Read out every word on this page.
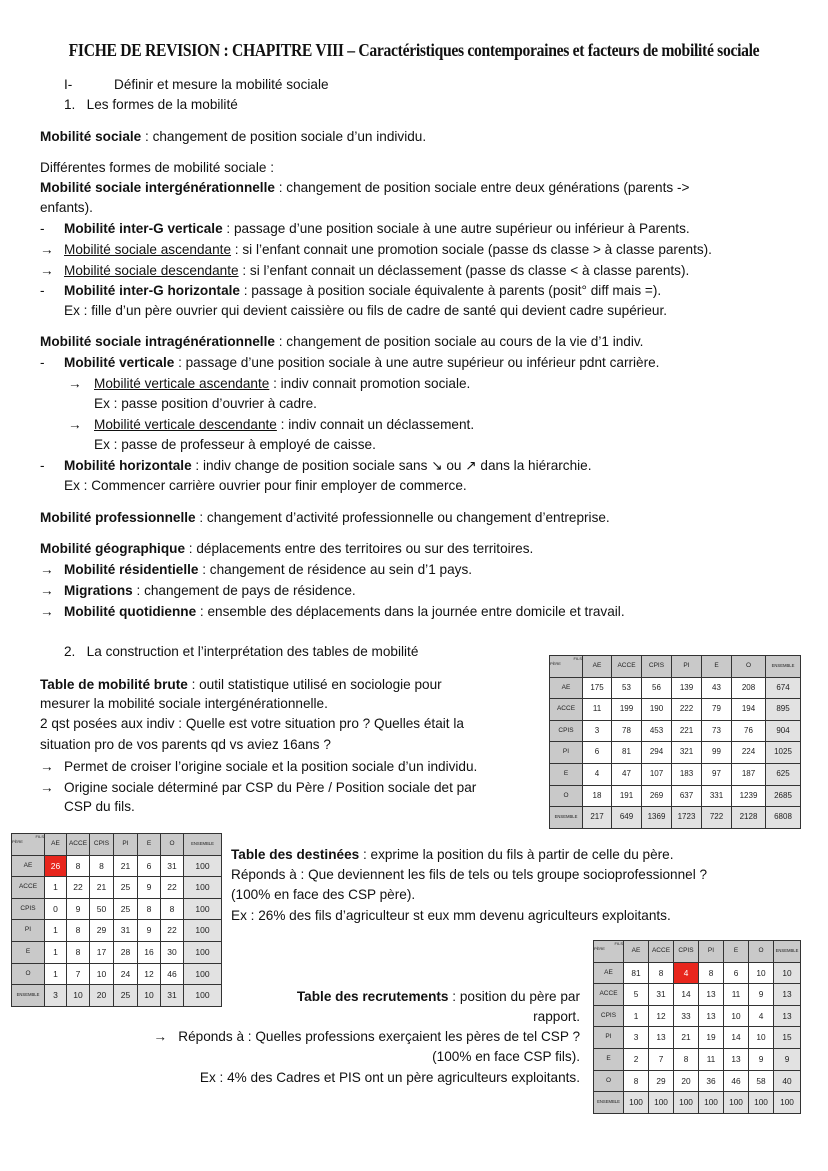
FICHE DE REVISION : CHAPITRE VIII – Caractéristiques contemporaines et facteurs de mobilité sociale
I-	Définir et mesure la mobilité sociale
1.   Les formes de la mobilité
Mobilité sociale : changement de position sociale d’un individu.
Différentes formes de mobilité sociale :
Mobilité sociale intergénérationnelle : changement de position sociale entre deux générations (parents ->
enfants).
- Mobilité inter-G verticale : passage d’une position sociale à une autre supérieur ou inférieur à Parents.
→ Mobilité sociale ascendante : si l’enfant connait une promotion sociale (passe ds classe > à classe parents).
→ Mobilité sociale descendante : si l’enfant connait un déclassement (passe ds classe < à classe parents).
- Mobilité inter-G horizontale : passage à position sociale équivalente à parents (posit° diff mais =).
Ex : fille d’un père ouvrier qui devient caissière ou fils de cadre de santé qui devient cadre supérieur.
Mobilité sociale intragénérationnelle : changement de position sociale au cours de la vie d’1 indiv.
- Mobilité verticale : passage d’une position sociale à une autre supérieur ou inférieur pdnt carrière.
→ Mobilité verticale ascendante : indiv connait promotion sociale.
Ex : passe position d’ouvrier à cadre.
→ Mobilité verticale descendante : indiv connait un déclassement.
Ex : passe de professeur à employé de caisse.
- Mobilité horizontale : indiv change de position sociale sans ↘ ou ↗ dans la hiérarchie.
Ex : Commencer carrière ouvrier pour finir employer de commerce.
Mobilité professionnelle : changement d’activité professionnelle ou changement d’entreprise.
Mobilité géographique : déplacements entre des territoires ou sur des territoires.
→ Mobilité résidentielle : changement de résidence au sein d’1 pays.
→ Migrations : changement de pays de résidence.
→ Mobilité quotidienne : ensemble des déplacements dans la journée entre domicile et travail.
2.   La construction et l’interprétation des tables de mobilité
Table de mobilité brute : outil statistique utilisé en sociologie pour
mesurer la mobilité sociale intergénérationnelle.
2 qst posées aux indiv : Quelle est votre situation pro ? Quelles était la
situation pro de vos parents qd vs aviez 16ans ?
→ Permet de croiser l’origine sociale et la position sociale d’un individu.
→ Origine sociale déterminé par CSP du Père / Position sociale det par
CSP du fils.
Table des destinées : exprime la position du fils à partir de celle du père.
Réponds à : Que deviennent les fils de tels ou tels groupe socioprofessionnel ?
(100% en face des CSP père).
Ex : 26% des fils d’agriculteur st eux mm devenu agriculteurs exploitants.
Table des recrutements : position du père par
rapport.
→   Réponds à : Quelles professions exerçaient les pères de tel CSP ?
(100% en face CSP fils).
Ex : 4% des Cadres et PIS ont un père agriculteurs exploitants.
FILS
PÈRE	AE	ACCE	CPIS	PI	E	O	ENSEMBLE
AE	175	53	56	139	43	208	674
ACCE	11	199	190	222	79	194	895
CPIS	3	78	453	221	73	76	904
PI	6	81	294	321	99	224	1025
E	4	47	107	183	97	187	625
O	18	191	269	637	331	1239	2685
ENSEMBLE	217	649	1369	1723	722	2128	6808
FILS
PÈRE	AE	ACCE	CPIS	PI	E	O	ENSEMBLE
AE	26	8	8	21	6	31	100
ACCE	1	22	21	25	9	22	100
CPIS	0	9	50	25	8	8	100
PI	1	8	29	31	9	22	100
E	1	8	17	28	16	30	100
O	1	7	10	24	12	46	100
ENSEMBLE	3	10	20	25	10	31	100
FILS
PÈRE	AE	ACCE	CPIS	PI	E	O	ENSEMBLE
AE	81	8	4	8	6	10	10
ACCE	5	31	14	13	11	9	13
CPIS	1	12	33	13	10	4	13
PI	3	13	21	19	14	10	15
E	2	7	8	11	13	9	9
O	8	29	20	36	46	58	40
ENSEMBLE	100	100	100	100	100	100	100
